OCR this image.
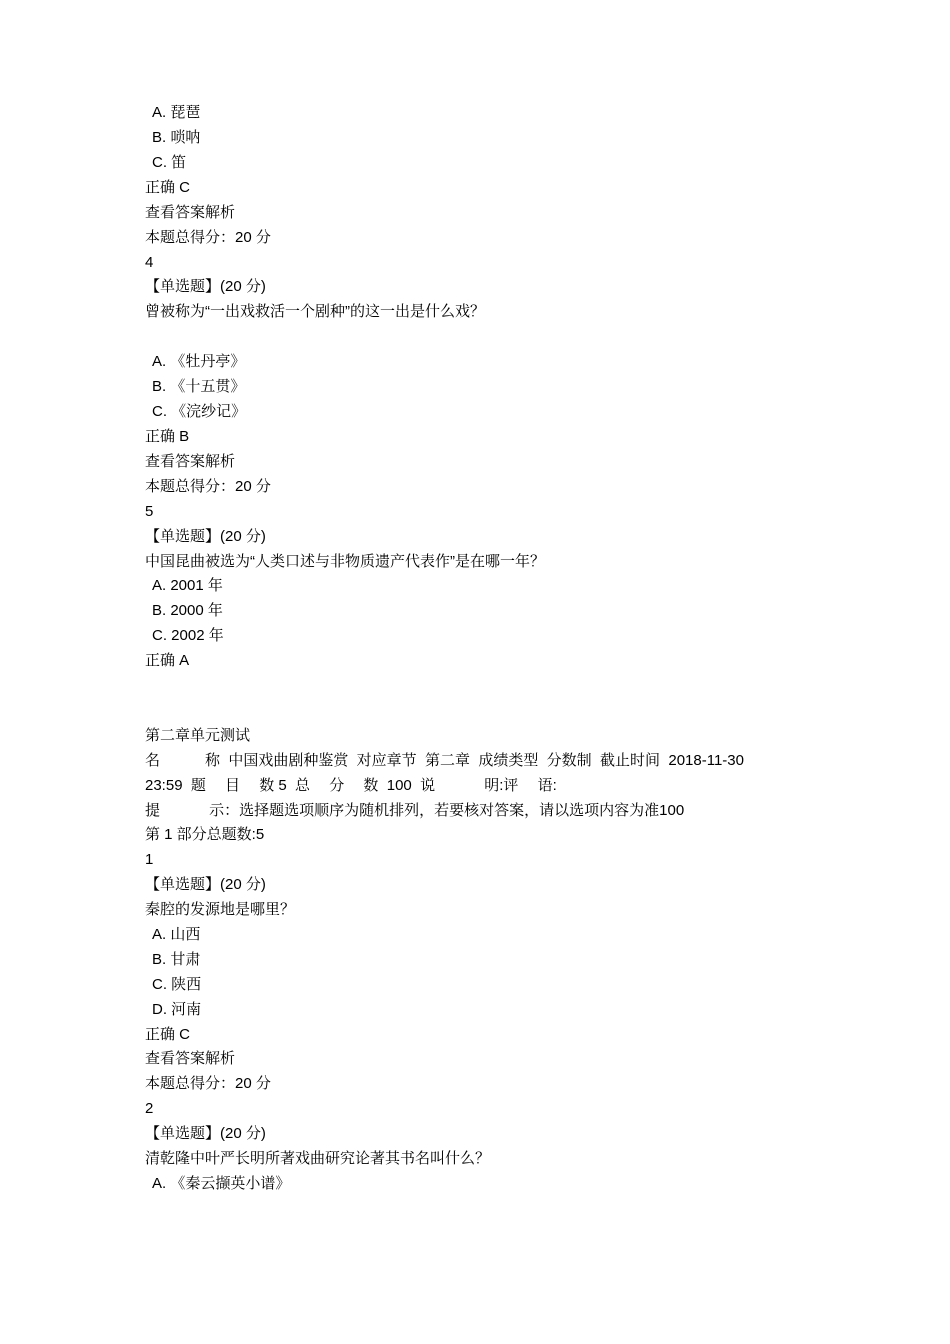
A. 琵琶
B. 唢呐
C. 笛
正确 C
查看答案解析
本题总得分：20 分
4
【单选题】(20 分)
曾被称为“一出戏救活一个剧种”的这一出是什么戏？
A. 《牡丹亭》
B. 《十五贯》
C. 《浣纱记》
正确 B
查看答案解析
本题总得分：20 分
5
【单选题】(20 分)
中国昆曲被选为“人类口述与非物质遗产代表作”是在哪一年？
A. 2001 年
B. 2000 年
C. 2002 年
正确 A
第二章单元测试
名　　　称  中国戏曲剧种鉴赏  对应章节  第二章  成绩类型  分数制  截止时间  2018-11-30
23:59  题　 目　 数 5  总　 分　 数  100  说　　　 明:评　 语:
提　　　 示：选择题选项顺序为随机排列，若要核对答案，请以选项内容为准100
第 1 部分总题数:5
1
【单选题】(20 分)
秦腔的发源地是哪里？
A. 山西
B. 甘肃
C. 陕西
D. 河南
正确 C
查看答案解析
本题总得分：20 分
2
【单选题】(20 分)
清乾隆中叶严长明所著戏曲研究论著其书名叫什么？
A. 《秦云撷英小谱》
